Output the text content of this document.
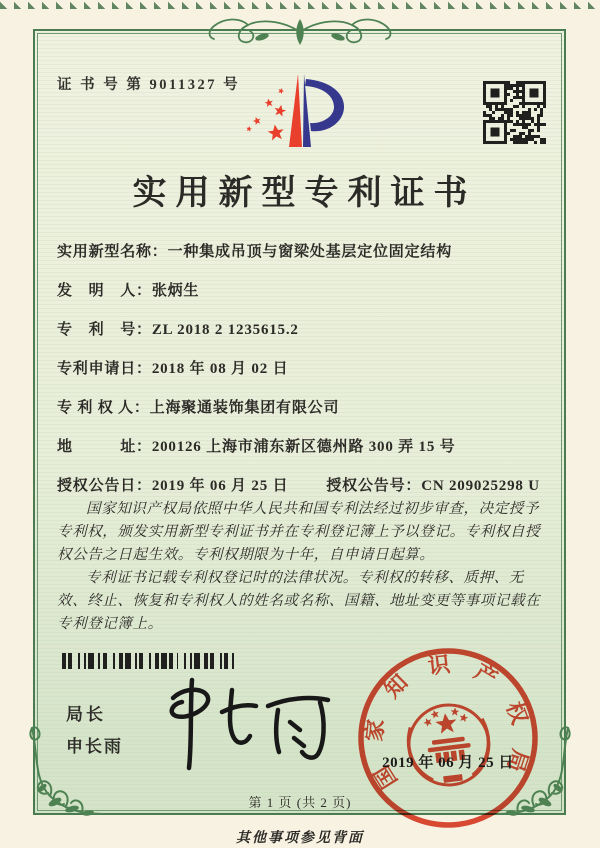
证 书 号 第 9011327 号
实用新型专利证书
实用新型名称：一种集成吊顶与窗梁处基层定位固定结构
发　明　人：张炳生
专　利　号：ZL 2018 2 1235615.2
专利申请日：2018 年 08 月 02 日
专 利 权 人：上海聚通装饰集团有限公司
地　　　址：200126 上海市浦东新区德州路 300 弄 15 号
授权公告日：2019 年 06 月 25 日	授权公告号：CN 209025298 U

国家知识产权局依照中华人民共和国专利法经过初步审查，决定授予专利权，颁发实用新型专利证书并在专利登记簿上予以登记。专利权自授权公告之日起生效。专利权期限为十年，自申请日起算。

专利证书记载专利权登记时的法律状况。专利权的转移、质押、无效、终止、恢复和专利权人的姓名或名称、国籍、地址变更等事项记载在专利登记簿上。

局长
申长雨
国
家
知
识 产
权
局
2019 年 06 月 25 日
第 1 页 (共 2 页)
其他事项参见背面
